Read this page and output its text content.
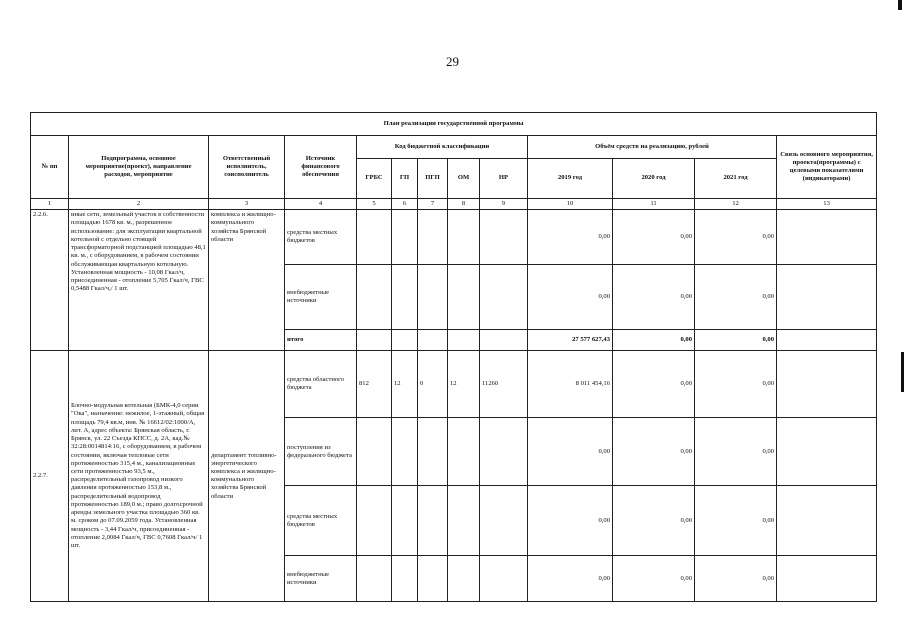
29
План реализации государственной программы												
№ пп	Подпрограмма, основное мероприятие(проект), направление расходов, мероприятие	Ответственный исполнитель, соисполнитель	Источник финансового обеспечения	Код бюджетной классификации					Объём средств на реализацию, рублей			Связь основного мероприятия, проекта(программы) с целевыми показателями (индикаторами)
				ГРБС	ГП	ПГП	ОМ	НР	2019 год	2020 год	2021 год	
1	2	3	4	5	6	7	8	9	10	11	12	13
2.2.6.	иные сети, земельный участок в собственности площадью 1678 кв. м., разрешенное использование: для эксплуатации квартальной котельной с отдельно стоящей трансформаторной подстанцией площадью 48,1 кв. м., с оборудованием, в рабочем состоянии обслуживающая квартальную котельную. Установленная мощность - 10,08 Гкал/ч, присоединенная - отопление 5,705 Гкал/ч, ГВС 0,5488 Гкал/ч,/ 1 шт.	комплекса и жилищно-коммунального хозяйства Брянской области	средства местных бюджетов						0,00	0,00	0,00	
			внебюджетные источники						0,00	0,00	0,00	
			итого						27 577 627,43	0,00	0,00	
2.2.7.	Блочно-модульная котельная (БМК-4,0 серии "Ока", назначение: нежилое, 1-этажный, общая площадь 79,4 кв.м, инв. № 16612/02:1000/А, лит. А, адрес объекта: Брянская область, г. Брянск, ул. 22 Съезда КПСС, д. 2А, кад.№ 32:28:0014814:16, с оборудованием, в рабочем состоянии, включая тепловые сети протяженностью 315,4 м., канализационные сети протяженностью 93,5 м., распределительный газопровод низкого давления протяженностью 153,8 м., распределительный водопровод протяженностью 189,0 м.; право долгосрочной аренды земельного участка площадью 360 кв. м. сроком до 07.09.2059 года. Установленная мощность - 3,44 Гкал/ч, присоединенная - отопление 2,0084 Гкал/ч, ГВС 0,7608 Гкал/ч/ 1 шт.	департамент топливно-энергетического комплекса и жилищно-коммунального хозяйства Брянской области	средства областного бюджета	812	12	0	12	11260	8 011 454,16	0,00	0,00	
			поступления из федерального бюджета						0,00	0,00	0,00	
			средства местных бюджетов						0,00	0,00	0,00	
			внебюджетные источники						0,00	0,00	0,00	
